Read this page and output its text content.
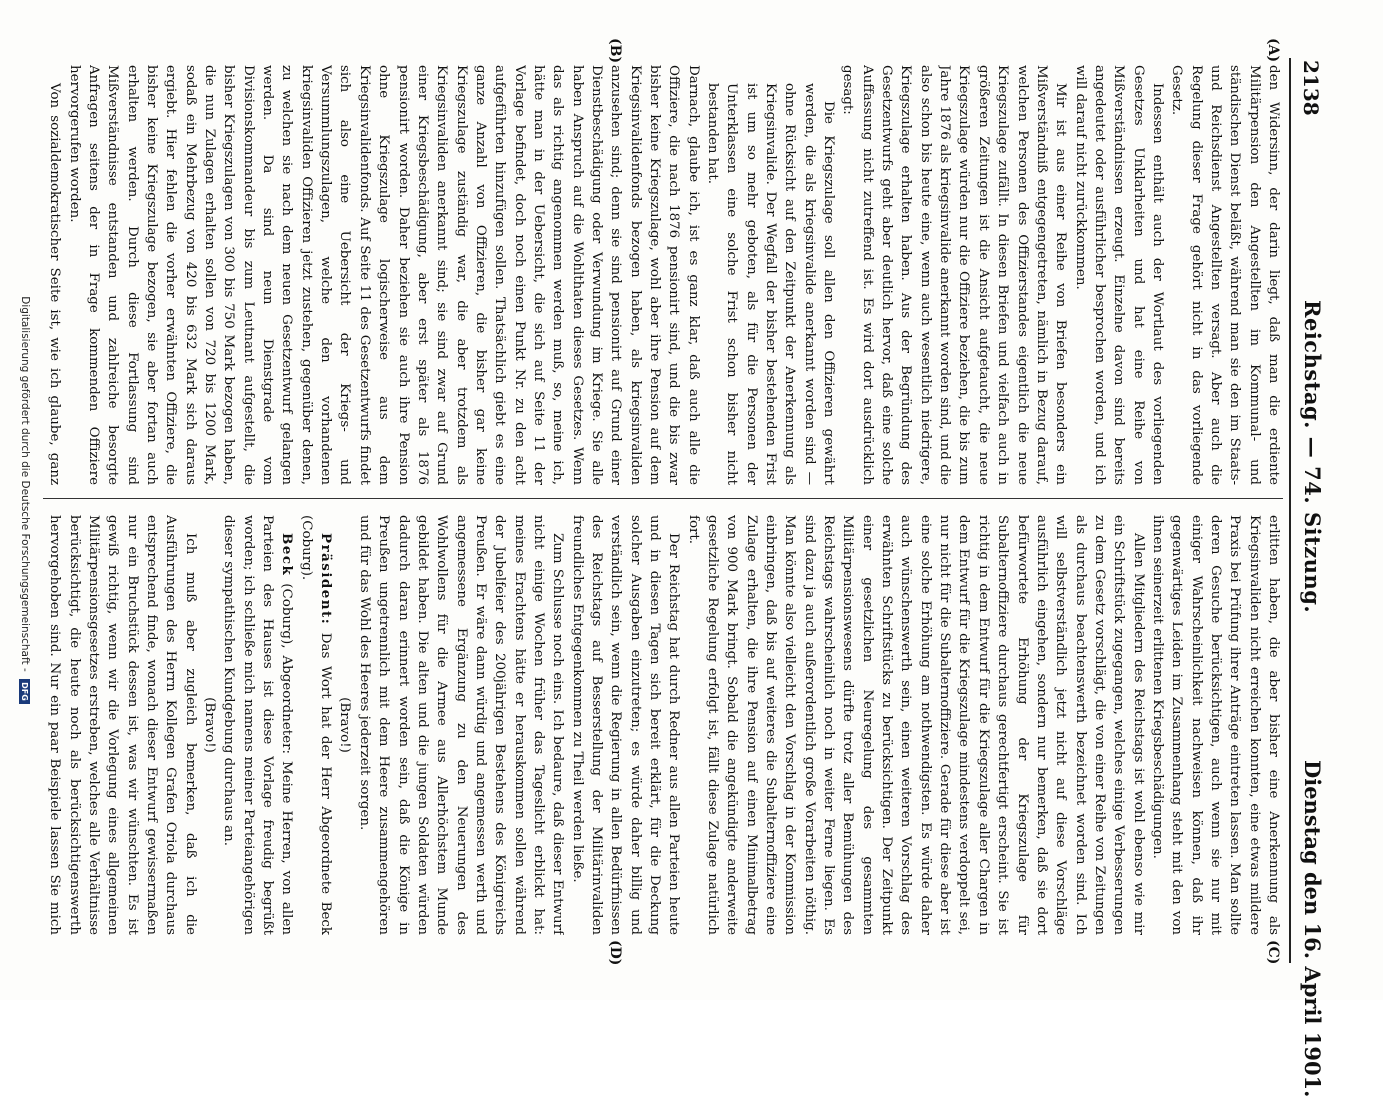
2138
Reichstag. — 74. Sitzung.
Dienstag den 16. April 1901.
(A)
(B)
(C)
(D)

den Widersinn, der darin liegt, daß man die erdiente Militärpension den Angestellten im Kommunal- und ständischen Dienst beläßt, während man sie den im Staats- und Reichsdienst Angestellten versagt. Aber auch die Regelung dieser Frage gehört nicht in das vorliegende Gesetz.

Indessen enthält auch der Wortlaut des vorliegenden Gesetzes Unklarheiten und hat eine Reihe von Mißverständnissen erzeugt. Einzelne davon sind bereits angedeutet oder ausführlicher besprochen worden, und ich will darauf nicht zurückkommen.

Mir ist aus einer Reihe von Briefen besonders ein Mißverständniß entgegengetreten, nämlich in Bezug darauf, welchen Personen des Offizierstandes eigentlich die neue Kriegszulage zufällt. In diesen Briefen und vielfach auch in größeren Zeitungen ist die Ansicht aufgetaucht, die neue Kriegszulage würden nur die Offiziere beziehen, die bis zum Jahre 1876 als kriegsinvalide anerkannt worden sind, und die also schon bis heute eine, wenn auch wesentlich niedrigere, Kriegszulage erhalten haben. Aus der Begründung des Gesetzentwurfs geht aber deutlich hervor, daß eine solche Auffassung nicht zutreffend ist. Es wird dort ausdrücklich gesagt:

Die Kriegszulage soll allen den Offizieren gewährt werden, die als kriegsinvalide anerkannt worden sind — ohne Rücksicht auf den Zeitpunkt der Anerkennung als Kriegsinvalide. Der Wegfall der bisher bestehenden Frist ist um so mehr geboten, als für die Personen der Unterklassen eine solche Frist schon bisher nicht bestanden hat.

Darnach, glaube ich, ist es ganz klar, daß auch alle die Offiziere, die nach 1876 pensionirt sind, und die bis zwar bisher keine Kriegszulage, wohl aber ihre Pension auf dem Kriegsinvalidenfonds bezogen haben, als kriegsinvaliden anzusehen sind; denn sie sind pensionirt auf Grund einer Dienstbeschädigung oder Verwundung im Kriege. Sie alle haben Anspruch auf die Wohlthaten dieses Gesetzes. Wenn das als richtig angenommen werden muß, so, meine ich, hätte man in der Uebersicht, die sich auf Seite 11 der Vorlage befindet, doch noch einen Punkt Nr. zu den acht aufgeführten hinzufügen sollen. Thatsächlich giebt es eine ganze Anzahl von Offizieren, die bisher gar keine Kriegszulage zuständig war, die aber trotzdem als Kriegsinvaliden anerkannt sind; sie sind zwar auf Grund einer Kriegsbeschädigung, aber erst später als 1876 pensionirt worden. Daher beziehen sie auch ihre Pension ohne Kriegszulage logischerweise aus dem Kriegsinvalidenfonds. Auf Seite 11 des Gesetzentwurfs findet sich also eine Uebersicht der Kriegs- und Versummlungszulagen, welche den vorhandenen kriegsinvaliden Offizieren jetzt zustehen, gegenüber denen, zu welchen sie nach dem neuen Gesetzentwurf gelangen werden. Da sind neun Dienstgrade vom Divisionskommandeur bis zum Leutnant aufgestellt, die bisher Kriegszulagen von 300 bis 750 Mark bezogen haben, die nun Zulagen erhalten sollen von 720 bis 1200 Mark, sodaß ein Mehrbezug von 420 bis 632 Mark sich daraus ergiebt. Hier fehlen die vorher erwähnten Offiziere, die bisher keine Kriegszulage bezogen, sie aber fortan auch erhalten werden. Durch diese Fortlassung sind Mißverständnisse entstanden und zahlreiche besorgte Anfragen seitens der in Frage kommenden Offiziere hervorgerufen worden.

Von sozialdemokratischer Seite ist, wie ich glaube, ganz

erlitten haben, die aber bisher eine Anerkennung als Kriegsinvaliden nicht erreichen konnten, eine etwas mildere Praxis bei Prüfung ihrer Anträge eintreten lassen. Man sollte deren Gesuche berücksichtigen, auch wenn sie nur mit einiger Wahrscheinlichkeit nachweisen können, daß ihr gegenwärtiges Leiden im Zusammenhang steht mit den von ihnen seinerzeit erlittenen Kriegsbeschädigungen.

Allen Mitgliedern des Reichstags ist wohl ebenso wie mir ein Schriftstück zugegangen, welches einige Verbesserungen zu dem Gesetz vorschlägt, die von einer Reihe von Zeitungen als durchaus beachtenswerth bezeichnet worden sind. Ich will selbstverständlich jetzt nicht auf diese Vorschläge ausführlich eingehen, sondern nur bemerken, daß sie dort befürwortete Erhöhung der Kriegszulage für Subalternoffiziere durchaus gerechtfertigt erscheint. Sie ist richtig in dem Entwurf für die Kriegszulage aller Chargen in dem Entwurf für die Kriegszulage mindestens verdoppelt sei, nur nicht für die Subalternoffiziere. Gerade für diese aber ist eine solche Erhöhung am nothwendigsten. Es würde daher auch wünschenswerth sein, einen weiteren Vorschlag des erwähnten Schriftstücks zu berücksichtigen. Der Zeitpunkt einer gesetzlichen Neuregelung des gesammten Militärpensionswesens dürfte trotz aller Bemühungen des Reichstags wahrscheinlich noch in weiter Ferne liegen. Es sind dazu ja auch außerordentlich große Vorarbeiten nöthig. Man könnte also vielleicht den Vorschlag in der Kommission einbringen, daß bis auf weiteres die Subalternoffiziere eine Zulage erhalten, die ihre Pension auf einen Minimalbetrag von 900 Mark bringt. Sobald die angekündigte anderweite gesetzliche Regelung erfolgt ist, fällt diese Zulage natürlich fort.

Der Reichstag hat durch Redner aus allen Parteien heute und in diesen Tagen sich bereit erklärt, für die Deckung solcher Ausgaben einzutreten; es würde daher billig und verständlich sein, wenn die Regierung in allen Bedürfnissen des Reichstags auf Besserstellung der Militärinvaliden freundliches Entgegenkommen zu Theil werden ließe.

Zum Schlusse noch eins. Ich bedaure, daß dieser Entwurf nicht einige Wochen früher das Tageslicht erblickt hat: meines Erachtens hätte er herauskommen sollen während der Jubelfeier des 200jährigen Bestehens des Königreichs Preußen. Er wäre dann würdig und angemessen werth und angemessene Ergänzung zu den Neuerungen des Wohlwollens für die Armee aus Allerhöchstem Munde gebildet haben. Die alten und die jungen Soldaten würden dadurch daran erinnert worden sein, daß die Könige in Preußen ungetrennlich mit dem Heere zusammengehören und für das Wohl des Heeres jederzeit sorgen.

(Bravo!)

Präsident: Das Wort hat der Herr Abgeordnete Beck (Coburg).

Beck (Coburg), Abgeordneter: Meine Herren, von allen Parteien des Hauses ist diese Vorlage freudig begrüßt worden; ich schließe mich namens meiner Parteiangehörigen dieser sympathischen Kundgebung durchaus an.

(Bravo!)

Ich muß aber zugleich bemerken, daß ich die Ausführungen des Herrn Kollegen Grafen Oriola durchaus entsprechend finde, wonach dieser Entwurf gewissermaßen nur ein Bruchstück dessen ist, was wir wünschten. Es ist gewiß richtig, wenn wir die Vorlegung eines allgemeinen Militärpensionsgesetzes erstreben, welches alle Verhältnisse berücksichtigt, die heute noch als berücksichtigenswerth hervorgehoben sind. Nur ein paar Beispiele lassen Sie mich

Digitalisierung gefördert durch die Deutsche Forschungsgemeinschaft - DFG
